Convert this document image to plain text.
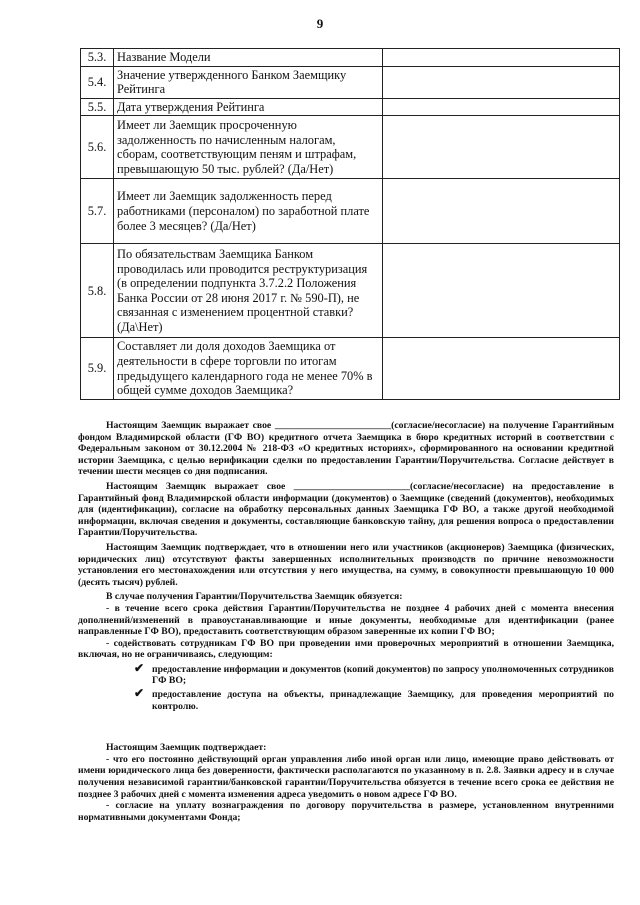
9
5.3.	Название Модели	
5.4.	Значение утвержденного Банком Заемщику Рейтинга	
5.5.	Дата утверждения Рейтинга	
5.6.	Имеет ли Заемщик просроченную задолженность по начисленным налогам, сборам, соответствующим пеням и штрафам, превышающую 50 тыс. рублей? (Да/Нет)	
5.7.	Имеет ли Заемщик задолженность перед работниками (персоналом) по заработной плате более 3 месяцев? (Да/Нет)	
5.8.	По обязательствам Заемщика Банком проводилась или проводится реструктуризация (в определении подпункта 3.7.2.2 Положения Банка России от 28 июня 2017 г. № 590-П), не связанная с изменением процентной ставки? (Да\Нет)	
5.9.	Составляет ли доля доходов Заемщика от деятельности в сфере торговли по итогам предыдущего календарного года не менее 70% в общей сумме доходов Заемщика?	

Настоящим Заемщик выражает свое ________________________(согласие/несогласие) на получение Гарантийным фондом Владимирской области (ГФ ВО) кредитного отчета Заемщика в бюро кредитных историй в соответствии с Федеральным законом от 30.12.2004 № 218-ФЗ «О кредитных историях», сформированного на основании кредитной истории Заемщика, с целью верификации сделки по предоставлении Гарантии/Поручительства. Согласие действует в течении шести месяцев со дня подписания.

Настоящим Заемщик выражает свое ________________________(согласие/несогласие) на предоставление в Гарантийный фонд Владимирской области информации (документов) о Заемщике (сведений (документов), необходимых для (идентификации), согласие на обработку персональных данных Заемщика ГФ ВО, а также другой необходимой информации, включая сведения и документы, составляющие банковскую тайну, для решения вопроса о предоставлении Гарантии/Поручительства.

Настоящим Заемщик подтверждает, что в отношении него или участников (акционеров) Заемщика (физических, юридических лиц) отсутствуют факты завершенных исполнительных производств по причине невозможности установления его местонахождения или отсутствия у него имущества, на сумму, в совокупности превышающую 10 000 (десять тысяч) рублей.

В случае получения Гарантии/Поручительства Заемщик обязуется:

- в течение всего срока действия Гарантии/Поручительства не позднее 4 рабочих дней с момента внесения дополнений/изменений в правоустанавливающие и иные документы, необходимые для идентификации (ранее направленные ГФ ВО), предоставить соответствующим образом заверенные их копии ГФ ВО;

- содействовать сотрудникам ГФ ВО при проведении ими проверочных мероприятий в отношении Заемщика, включая, но не ограничиваясь, следующим:

✔ предоставление информации и документов (копий документов) по запросу уполномоченных сотрудников ГФ ВО;
✔ предоставление доступа на объекты, принадлежащие Заемщику, для проведения мероприятий по контролю.

Настоящим Заемщик подтверждает:

- что его постоянно действующий орган управления либо иной орган или лицо, имеющие право действовать от имени юридического лица без доверенности, фактически располагаются по указанному в п. 2.8. Заявки адресу и в случае получения независимой гарантии/банковской гарантии/Поручительства обязуется в течение всего срока ее действия не позднее 3 рабочих дней с момента изменения адреса уведомить о новом адресе ГФ ВО.

- согласие на уплату вознаграждения по договору поручительства в размере, установленном внутренними нормативными документами Фонда;
